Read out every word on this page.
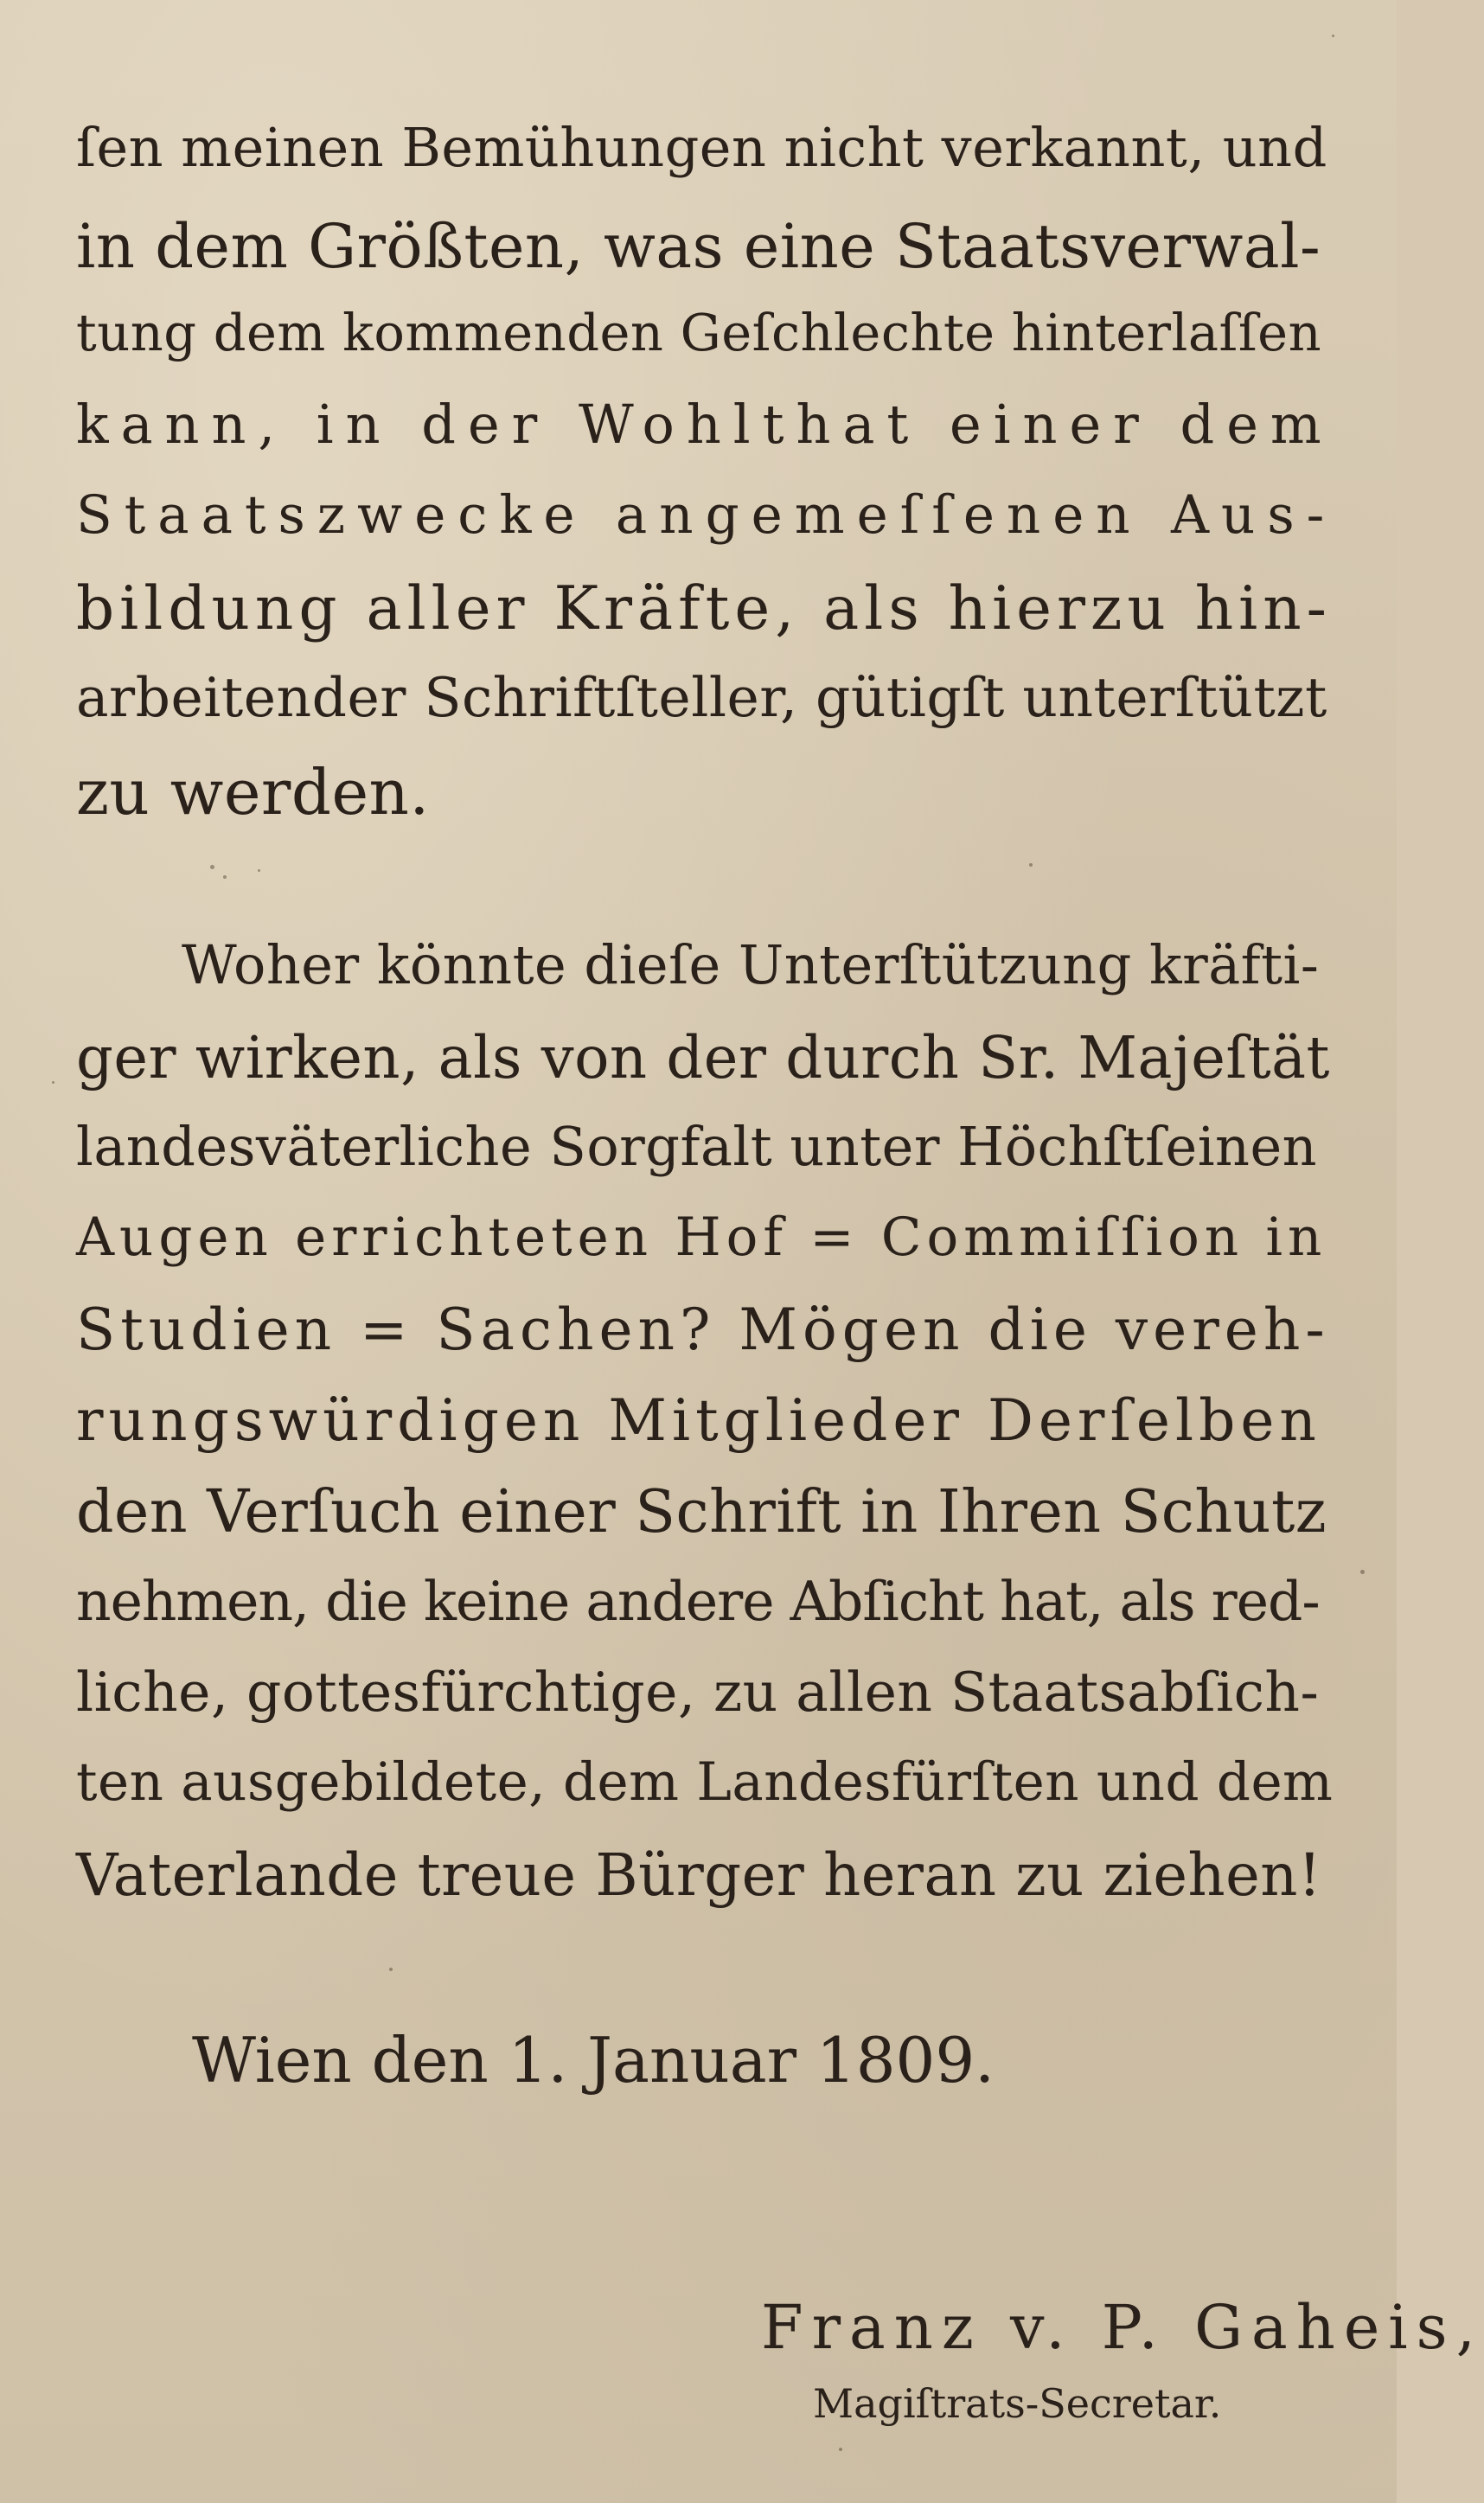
ſen meinen Bemühungen nicht verkannt, und
in dem Größten, was eine Staatsverwal-
tung dem kommenden Geſchlechte hinterlaſſen
kann, in der Wohlthat einer dem
Staatszwecke angemeſſenen Aus-
bildung aller Kräfte, als hierzu hin-
arbeitender Schriftſteller, gütigſt unterſtützt
zu werden.
Woher könnte dieſe Unterſtützung kräfti-
ger wirken, als von der durch Sr. Majeſtät
landesväterliche Sorgfalt unter Höchſtſeinen
Augen errichteten Hof = Commiſſion in
Studien = Sachen? Mögen die vereh-
rungswürdigen Mitglieder Derſelben
den Verſuch einer Schrift in Ihren Schutz
nehmen, die keine andere Abſicht hat, als red-
liche, gottesfürchtige, zu allen Staatsabſich-
ten ausgebildete, dem Landesfürſten und dem
Vaterlande treue Bürger heran zu ziehen!
Wien den 1. Januar 1809.
Franz v. P. Gaheis,
Magiſtrats-Secretar.
